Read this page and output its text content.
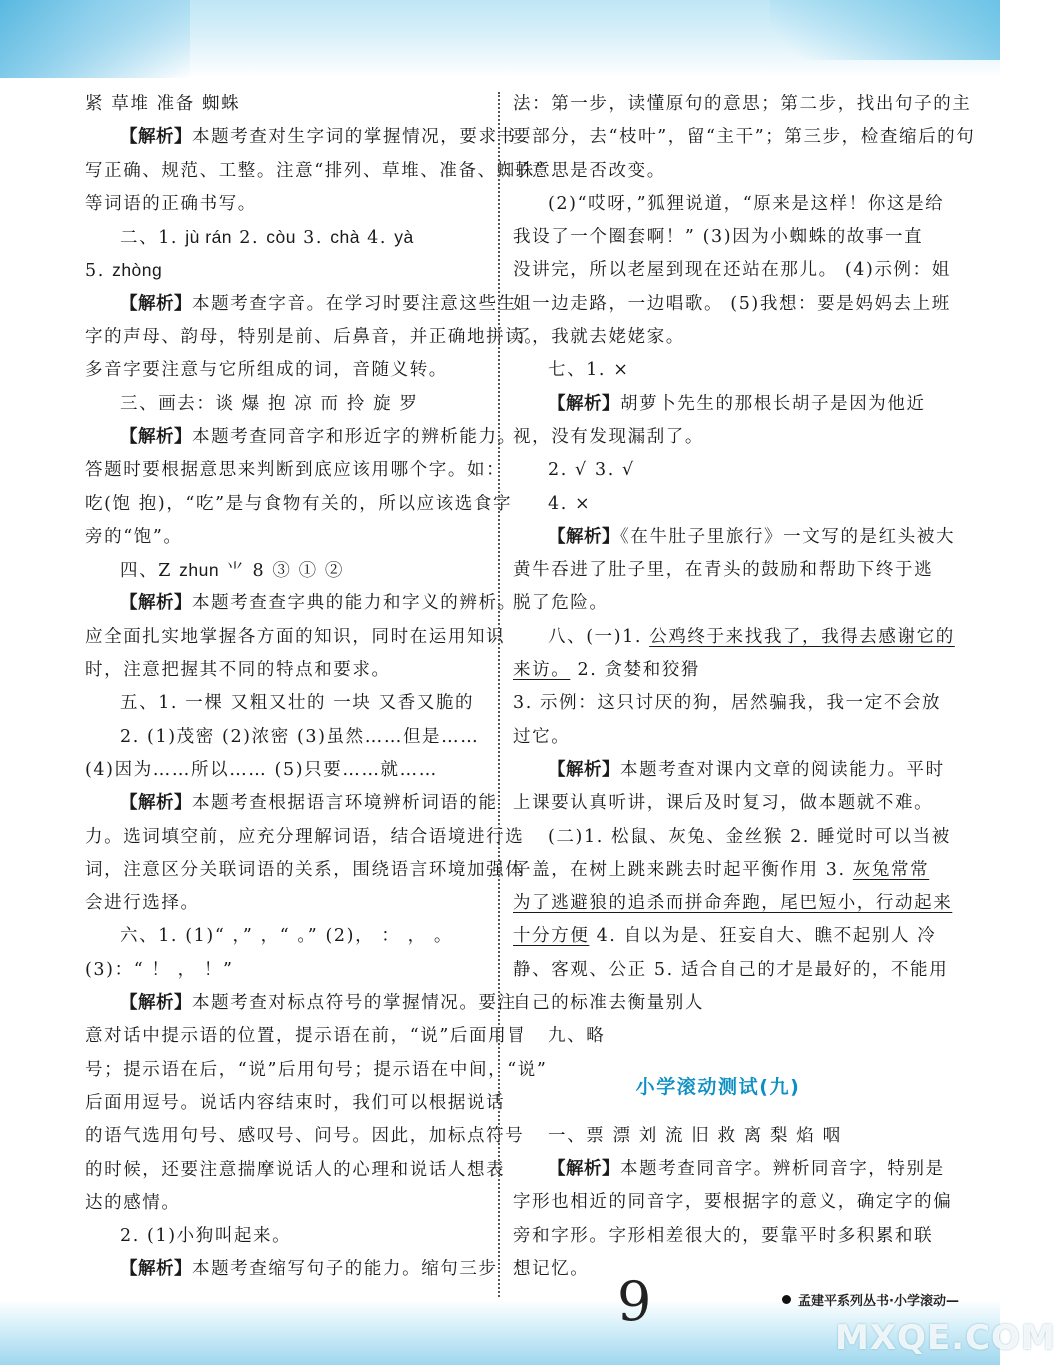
紧 草堆 准备 蜘蛛
【解析】本题考查对生字词的掌握情况，要求书
写正确、规范、工整。注意“排列、草堆、准备、蜘蛛”
等词语的正确书写。
二、1. jù rán 2. còu 3. chà 4. yà
5. zhòng
【解析】本题考查字音。在学习时要注意这些生
字的声母、韵母，特别是前、后鼻音，并正确地拼读。
多音字要注意与它所组成的词，音随义转。
三、画去：谈 爆 抱 凉 而 拎 旋 罗
【解析】本题考查同音字和形近字的辨析能力。
答题时要根据意思来判断到底应该用哪个字。如：
吃(饱 抱)，“吃”是与食物有关的，所以应该选食字
旁的“饱”。
四、Z zhun ⺌ 8 ③ ① ②
【解析】本题考查查字典的能力和字义的辨析。
应全面扎实地掌握各方面的知识，同时在运用知识
时，注意把握其不同的特点和要求。
五、1. 一棵 又粗又壮的 一块 又香又脆的
2. (1)茂密 (2)浓密 (3)虽然……但是……
(4)因为……所以…… (5)只要……就……
【解析】本题考查根据语言环境辨析词语的能
力。选词填空前，应充分理解词语，结合语境进行选
词，注意区分关联词语的关系，围绕语言环境加强体
会进行选择。
六、1. (1)“ ，” ，“ 。” (2)， ： ， 。
(3)：“ ！ ， ！”
【解析】本题考查对标点符号的掌握情况。要注
意对话中提示语的位置，提示语在前，“说”后面用冒
号；提示语在后，“说”后用句号；提示语在中间，“说”
后面用逗号。说话内容结束时，我们可以根据说话
的语气选用句号、感叹号、问号。因此，加标点符号
的时候，还要注意揣摩说话人的心理和说话人想表
达的感情。
2. (1)小狗叫起来。
【解析】本题考查缩写句子的能力。缩句三步
法：第一步，读懂原句的意思；第二步，找出句子的主
要部分，去“枝叶”，留“主干”；第三步，检查缩后的句
子意思是否改变。
(2)“哎呀，”狐狸说道，“原来是这样！你这是给
我设了一个圈套啊！” (3)因为小蜘蛛的故事一直
没讲完，所以老屋到现在还站在那儿。 (4)示例：姐
姐一边走路，一边唱歌。 (5)我想：要是妈妈去上班
了，我就去姥姥家。
七、1. ×
【解析】胡萝卜先生的那根长胡子是因为他近
视，没有发现漏刮了。
2. √ 3. √
4. ×
【解析】《在牛肚子里旅行》一文写的是红头被大
黄牛吞进了肚子里，在青头的鼓励和帮助下终于逃
脱了危险。
八、(一)1. 公鸡终于来找我了，我得去感谢它的
来访。 2. 贪婪和狡猾
3. 示例：这只讨厌的狗，居然骗我，我一定不会放
过它。
【解析】本题考查对课内文章的阅读能力。平时
上课要认真听讲，课后及时复习，做本题就不难。
(二)1. 松鼠、灰兔、金丝猴 2. 睡觉时可以当被
子盖，在树上跳来跳去时起平衡作用 3. 灰兔常常
为了逃避狼的追杀而拼命奔跑，尾巴短小，行动起来
十分方便 4. 自以为是、狂妄自大、瞧不起别人 冷
静、客观、公正 5. 适合自己的才是最好的，不能用
自己的标准去衡量别人
九、略
小学滚动测试(九)
一、票 漂 刘 流 旧 救 离 梨 焰 咽
【解析】本题考查同音字。辨析同音字，特别是
字形也相近的同音字，要根据字的意义，确定字的偏
旁和字形。字形相差很大的，要靠平时多积累和联
想记忆。
9	孟建平系列丛书·小学滚动—
MXQE.COM
